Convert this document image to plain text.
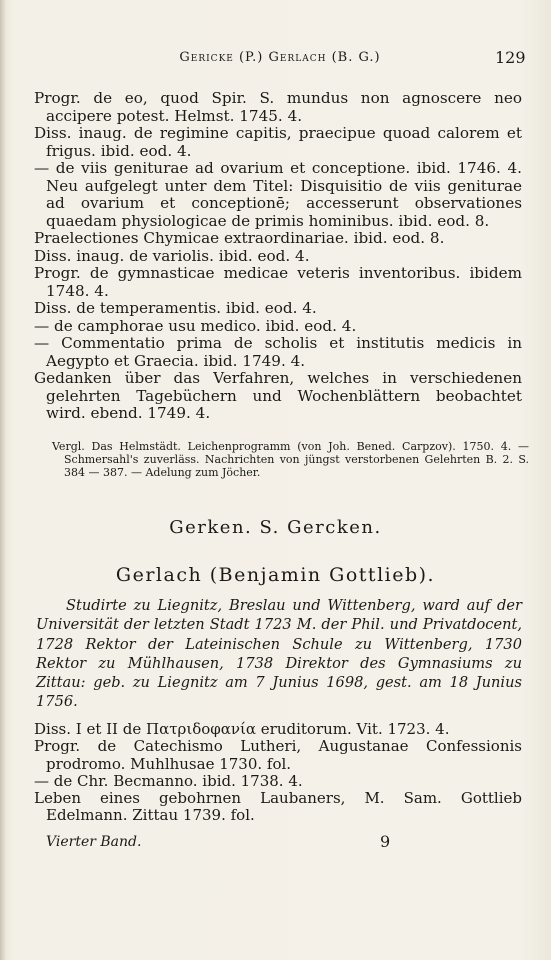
Gericke (P.) Gerlach (B. G.)	129

Progr. de eo, quod Spir. S. mundus non agnoscere neo accipere potest. Helmst. 1745. 4.

Diss. inaug. de regimine capitis, praecipue quoad calorem et frigus. ibid. eod. 4.

— de viis geniturae ad ovarium et conceptione. ibid. 1746. 4. Neu aufgelegt unter dem Titel: Disquisitio de viis geniturae ad ovarium et conceptionē; accesserunt observationes quaedam physiologicae de primis hominibus. ibid. eod. 8.

Praelectiones Chymicae extraordinariae. ibid. eod. 8.

Diss. inaug. de variolis. ibid. eod. 4.

Progr. de gymnasticae medicae veteris inventoribus. ibidem 1748. 4.

Diss. de temperamentis. ibid. eod. 4.

— de camphorae usu medico. ibid. eod. 4.

— Commentatio prima de scholis et institutis medicis in Aegypto et Graecia. ibid. 1749. 4.

Gedanken über das Verfahren, welches in verschiedenen gelehrten Tagebüchern und Wochenblättern beobachtet wird. ebend. 1749. 4.

Vergl. Das Helmstädt. Leichenprogramm (von Joh. Bened. Carpzov). 1750. 4. — Schmersahl's zuverläss. Nachrichten von jüngst verstorbenen Gelehrten B. 2. S. 384 — 387. — Adelung zum Jöcher.
Gerken. S. Gercken.
Gerlach (Benjamin Gottlieb).

Studirte zu Liegnitz, Breslau und Wittenberg, ward auf der Universität der letzten Stadt 1723 M. der Phil. und Privatdocent, 1728 Rektor der Lateinischen Schule zu Wittenberg, 1730 Rektor zu Mühlhausen, 1738 Direktor des Gymnasiums zu Zittau: geb. zu Liegnitz am 7 Junius 1698, gest. am 18 Junius 1756.

Diss. I et II de Πατριδοφανία eruditorum. Vit. 1723. 4.

Progr. de Catechismo Lutheri, Augustanae Confessionis prodromo. Muhlhusae 1730. fol.

— de Chr. Becmanno. ibid. 1738. 4.

Leben eines gebohrnen Laubaners, M. Sam. Gottlieb Edelmann. Zittau 1739. fol.

Vierter Band.	9
